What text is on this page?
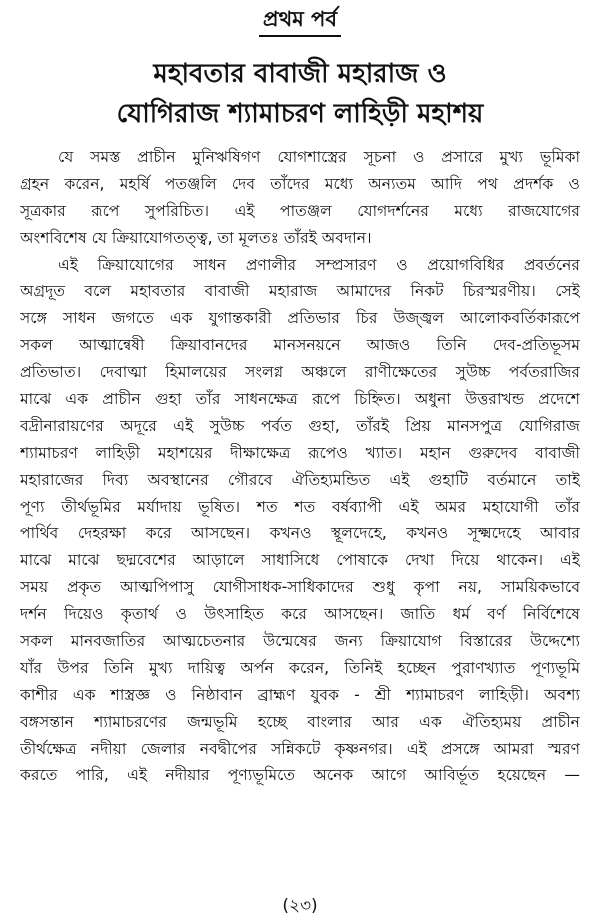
প্রথম পর্ব
মহাবতার বাবাজী মহারাজ ও
যোগিরাজ শ্যামাচরণ লাহিড়ী মহাশয়
যে সমস্ত প্রাচীন মুনিঋষিগণ যোগশাস্ত্রের সূচনা ও প্রসারে মুখ্য ভূমিকা
গ্রহন করেন, মহর্ষি পতঞ্জলি দেব তাঁদের মধ্যে অন্যতম আদি পথ প্রদর্শক ও
সূত্রকার রূপে সুপরিচিত। এই পাতঞ্জল যোগদর্শনের মধ্যে রাজযোগের
অংশবিশেষ যে ক্রিয়াযোগতত্ত্ব, তা মূলতঃ তাঁরই অবদান।
এই ক্রিয়াযোগের সাধন প্রণালীর সম্প্রসারণ ও প্রয়োগবিধির প্রবর্তনের
অগ্রদূত বলে মহাবতার বাবাজী মহারাজ আমাদের নিকট চিরস্মরণীয়। সেই
সঙ্গে সাধন জগতে এক যুগান্তকারী প্রতিভার চির উজ্জ্বল আলোকবর্তিকারূপে
সকল আত্মান্বেষী ক্রিয়াবানদের মানসনয়নে আজও তিনি দেব-প্রতিভূসম
প্রতিভাত। দেবাত্মা হিমালয়ের সংলগ্ন অঞ্চলে রাণীক্ষেতের সুউচ্চ পর্বতরাজির
মাঝে এক প্রাচীন গুহা তাঁর সাধনক্ষেত্র রূপে চিহ্নিত। অধুনা উত্তরাখন্ড প্রদেশে
বদ্রীনারায়ণের অদূরে এই সুউচ্চ পর্বত গুহা, তাঁরই প্রিয় মানসপুত্র যোগিরাজ
শ্যামাচরণ লাহিড়ী মহাশয়ের দীক্ষাক্ষেত্র রূপেও খ্যাত। মহান গুরুদেব বাবাজী
মহারাজের দিব্য অবস্থানের গৌরবে ঐতিহ্যমন্ডিত এই গুহাটি বর্তমানে তাই
পূণ্য তীর্থভূমির মর্যাদায় ভূষিত। শত শত বর্ষব্যাপী এই অমর মহাযোগী তাঁর
পার্থিব দেহরক্ষা করে আসছেন। কখনও স্থূলদেহে, কখনও সূক্ষ্মদেহে আবার
মাঝে মাঝে ছদ্মবেশের আড়ালে সাধাসিধে পোষাকে দেখা দিয়ে থাকেন। এই
সময় প্রকৃত আত্মপিপাসু যোগীসাধক-সাধিকাদের শুধু কৃপা নয়, সাময়িকভাবে
দর্শন দিয়েও কৃতার্থ ও উৎসাহিত করে আসছেন। জাতি ধর্ম বর্ণ নির্বিশেষে
সকল মানবজাতির আত্মচেতনার উন্মেষের জন্য ক্রিয়াযোগ বিস্তারের উদ্দেশ্যে
যাঁর উপর তিনি মুখ্য দায়িত্ব অর্পন করেন, তিনিই হচ্ছেন পুরাণখ্যাত পূণ্যভূমি
কাশীর এক শাস্ত্রজ্ঞ ও নিষ্ঠাবান ব্রাহ্মণ যুবক - শ্রী শ্যামাচরণ লাহিড়ী। অবশ্য
বঙ্গসন্তান শ্যামাচরণের জন্মভূমি হচ্ছে বাংলার আর এক ঐতিহ্যময় প্রাচীন
তীর্থক্ষেত্র নদীয়া জেলার নবদ্বীপের সন্নিকটে কৃষ্ণনগর। এই প্রসঙ্গে আমরা স্মরণ
করতে পারি, এই নদীয়ার পূণ্যভূমিতে অনেক আগে আবির্ভূত হয়েছেন —
(২৩)
